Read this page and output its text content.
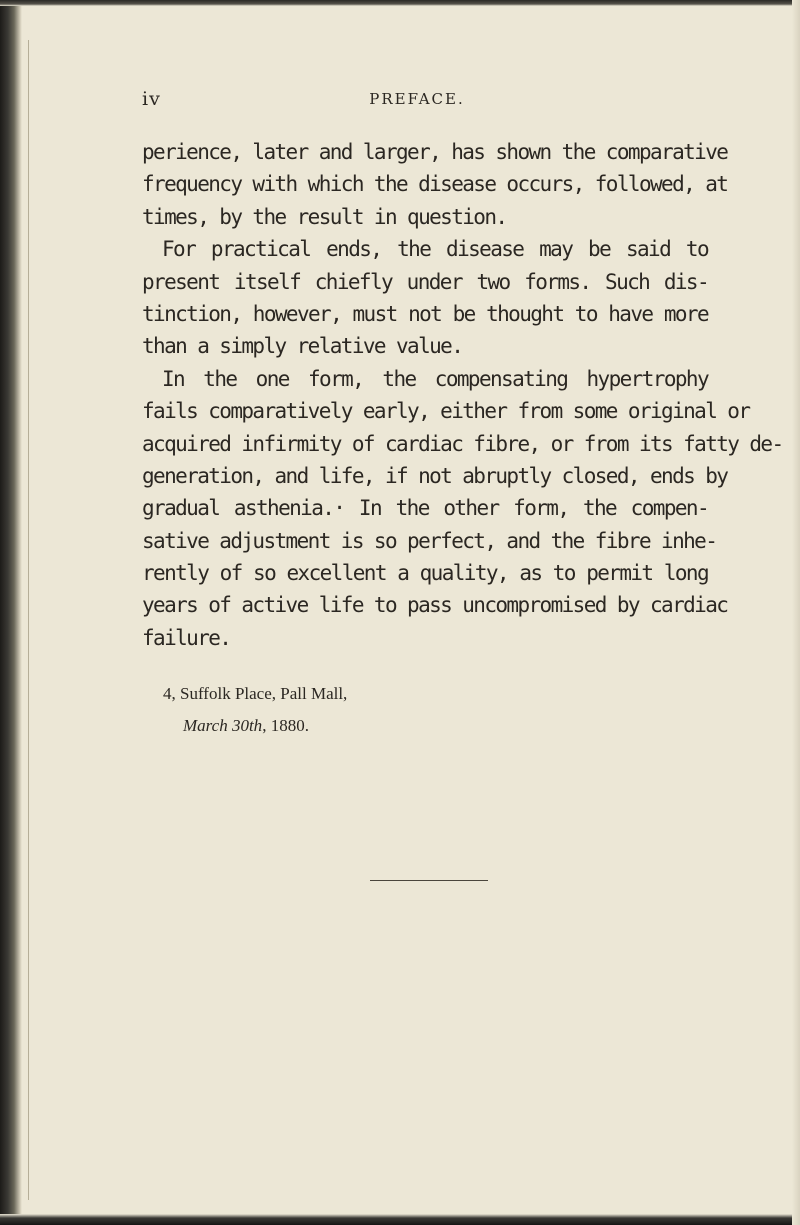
iv	PREFACE.
perience, later and larger, has shown the comparative
frequency with which the disease occurs, followed, at
times, by the result in question.
For practical ends, the disease may be said to
present itself chiefly under two forms. Such dis-
tinction, however, must not be thought to have more
than a simply relative value.
In the one form, the compensating hypertrophy
fails comparatively early, either from some original or
acquired infirmity of cardiac fibre, or from its fatty de-
generation, and life, if not abruptly closed, ends by
gradual asthenia.· In the other form, the compen-
sative adjustment is so perfect, and the fibre inhe-
rently of so excellent a quality, as to permit long
years of active life to pass uncompromised by cardiac
failure.
4, Suffolk Place, Pall Mall,
March 30th, 1880.
